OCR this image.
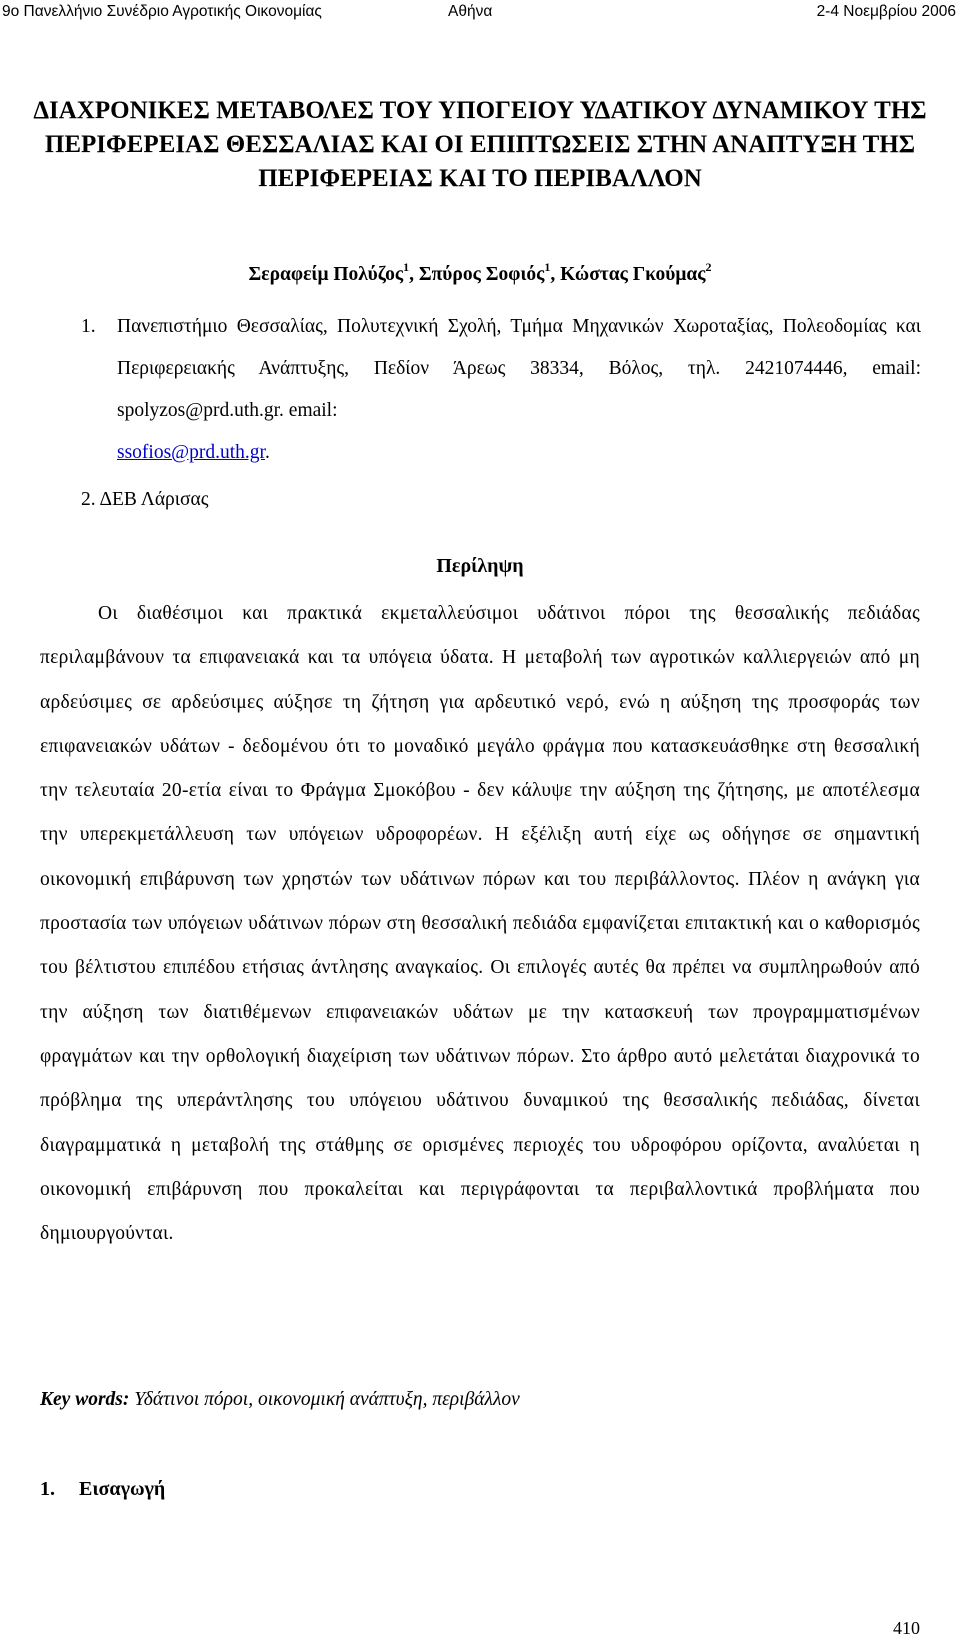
9ο Πανελλήνιο Συνέδριο Αγροτικής Οικονομίας	Αθήνα	2-4 Νοεμβρίου 2006
ΔΙΑΧΡΟΝΙΚΕΣ ΜΕΤΑΒΟΛΕΣ ΤΟΥ ΥΠΟΓΕΙΟΥ ΥΔΑΤΙΚΟΥ ΔΥΝΑΜΙΚΟΥ ΤΗΣ ΠΕΡΙΦΕΡΕΙΑΣ ΘΕΣΣΑΛΙΑΣ ΚΑΙ ΟΙ ΕΠΙΠΤΩΣΕΙΣ ΣΤΗΝ ΑΝΑΠΤΥΞΗ ΤΗΣ ΠΕΡΙΦΕΡΕΙΑΣ ΚΑΙ ΤΟ ΠΕΡΙΒΑΛΛΟΝ
Σεραφείμ Πολύζος$^1$, Σπύρος Σοφιός$^1$, Κώστας Γκούμας$^2$
1. Πανεπιστήμιο Θεσσαλίας, Πολυτεχνική Σχολή, Τμήμα Μηχανικών Χωροταξίας, Πολεοδομίας και Περιφερειακής Ανάπτυξης, Πεδίον Άρεως 38334, Βόλος, τηλ. 2421074446, email: spolyzos@prd.uth.gr. email:
ssofios@prd.uth.gr.
2. ΔΕΒ Λάρισας
Περίληψη

Οι διαθέσιμοι και πρακτικά εκμεταλλεύσιμοι υδάτινοι πόροι της θεσσαλικής πεδιάδας περιλαμβάνουν τα επιφανειακά και τα υπόγεια ύδατα. Η μεταβολή των αγροτικών καλλιεργειών από μη αρδεύσιμες σε αρδεύσιμες αύξησε τη ζήτηση για αρδευτικό νερό, ενώ η αύξηση της προσφοράς των επιφανειακών υδάτων - δεδομένου ότι το μοναδικό μεγάλο φράγμα που κατασκευάσθηκε στη θεσσαλική την τελευταία 20-ετία είναι το Φράγμα Σμοκόβου - δεν κάλυψε την αύξηση της ζήτησης, με αποτέλεσμα την υπερεκμετάλλευση των υπόγειων υδροφορέων. Η εξέλιξη αυτή είχε ως οδήγησε σε σημαντική οικονομική επιβάρυνση των χρηστών των υδάτινων πόρων και του περιβάλλοντος. Πλέον η ανάγκη για προστασία των υπόγειων υδάτινων πόρων στη θεσσαλική πεδιάδα εμφανίζεται επιτακτική και ο καθορισμός του βέλτιστου επιπέδου ετήσιας άντλησης αναγκαίος. Οι επιλογές αυτές θα πρέπει να συμπληρωθούν από την αύξηση των διατιθέμενων επιφανειακών υδάτων με την κατασκευή των προγραμματισμένων φραγμάτων και την ορθολογική διαχείριση των υδάτινων πόρων. Στο άρθρο αυτό μελετάται διαχρονικά το πρόβλημα της υπεράντλησης του υπόγειου υδάτινου δυναμικού της θεσσαλικής πεδιάδας, δίνεται διαγραμματικά η μεταβολή της στάθμης σε ορισμένες περιοχές του υδροφόρου ορίζοντα, αναλύεται η οικονομική επιβάρυνση που προκαλείται και περιγράφονται τα περιβαλλοντικά προβλήματα που δημιουργούνται.

Key words: Υδάτινοι πόροι, οικονομική ανάπτυξη, περιβάλλον
1. Εισαγωγή
410
